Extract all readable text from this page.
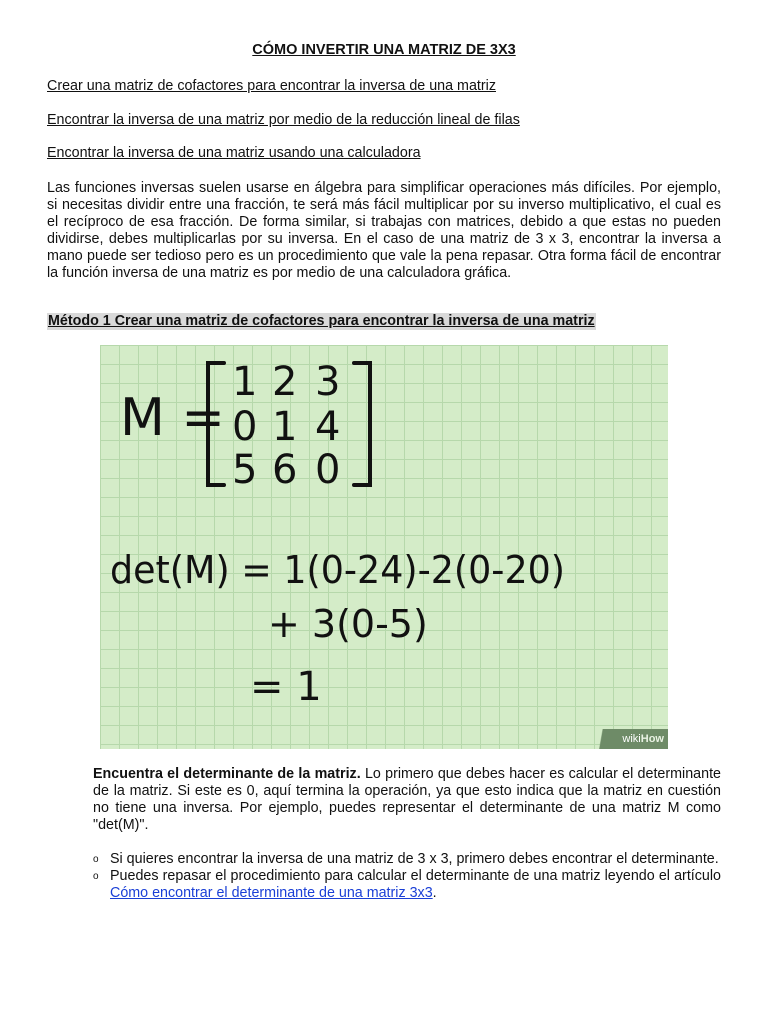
CÓMO INVERTIR UNA MATRIZ DE 3X3
Crear una matriz de cofactores para encontrar la inversa de una matriz
Encontrar la inversa de una matriz por medio de la reducción lineal de filas
Encontrar la inversa de una matriz usando una calculadora

Las funciones inversas suelen usarse en álgebra para simplificar operaciones más difíciles. Por ejemplo, si necesitas dividir entre una fracción, te será más fácil multiplicar por su inverso multiplicativo, el cual es el recíproco de esa fracción. De forma similar, si trabajas con matrices, debido a que estas no pueden dividirse, debes multiplicarlas por su inversa. En el caso de una matriz de 3 x 3, encontrar la inversa a mano puede ser tedioso pero es un procedimiento que vale la pena repasar. Otra forma fácil de encontrar la función inversa de una matriz es por medio de una calculadora gráfica.

Método 1 Crear una matriz de cofactores para encontrar la inversa de una matriz
M =
1 2 3
0 1 4
5 6 0
det(M) = 1(0-24)-2(0-20)
+ 3(0-5)
= 1
wikiHow

Encuentra el determinante de la matriz. Lo primero que debes hacer es calcular el determinante de la matriz. Si este es 0, aquí termina la operación, ya que esto indica que la matriz en cuestión no tiene una inversa. Por ejemplo, puedes representar el determinante de una matriz M como "det(M)".

o Si quieres encontrar la inversa de una matriz de 3 x 3, primero debes encontrar el determinante.
o Puedes repasar el procedimiento para calcular el determinante de una matriz leyendo el artículo Cómo encontrar el determinante de una matriz 3x3.
